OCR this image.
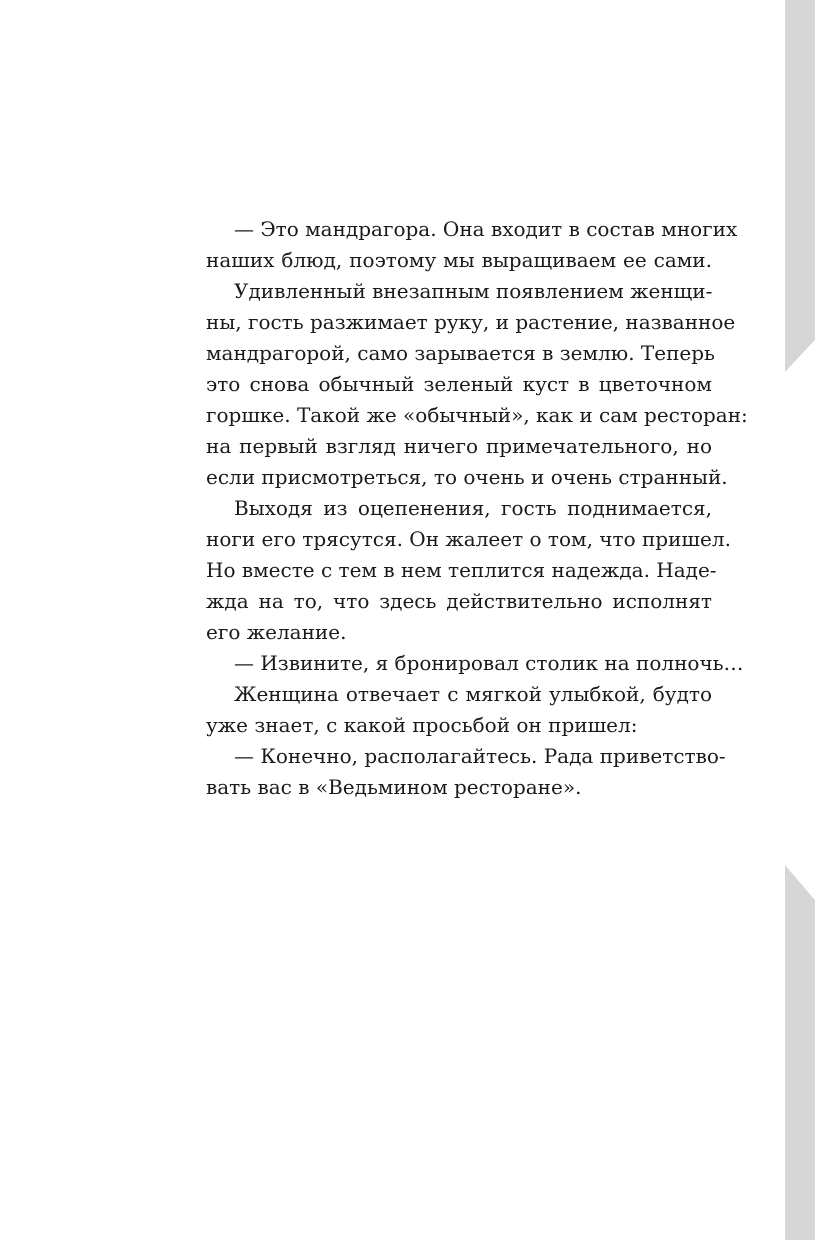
— Это мандрагора. Она входит в состав многих
наших блюд, поэтому мы выращиваем ее сами.
Удивленный внезапным появлением женщи-
ны, гость разжимает руку, и растение, названное
мандрагорой, само зарывается в землю. Теперь
это снова обычный зеленый куст в цветочном
горшке. Такой же «обычный», как и сам ресторан:
на первый взгляд ничего примечательного, но
если присмотреться, то очень и очень странный.
Выходя из оцепенения, гость поднимается,
ноги его трясутся. Он жалеет о том, что пришел.
Но вместе с тем в нем теплится надежда. Наде-
жда на то, что здесь действительно исполнят
его желание.
— Извините, я бронировал столик на полночь…
Женщина отвечает с мягкой улыбкой, будто
уже знает, с какой просьбой он пришел:
— Конечно, располагайтесь. Рада приветство-
вать вас в «Ведьмином ресторане».
